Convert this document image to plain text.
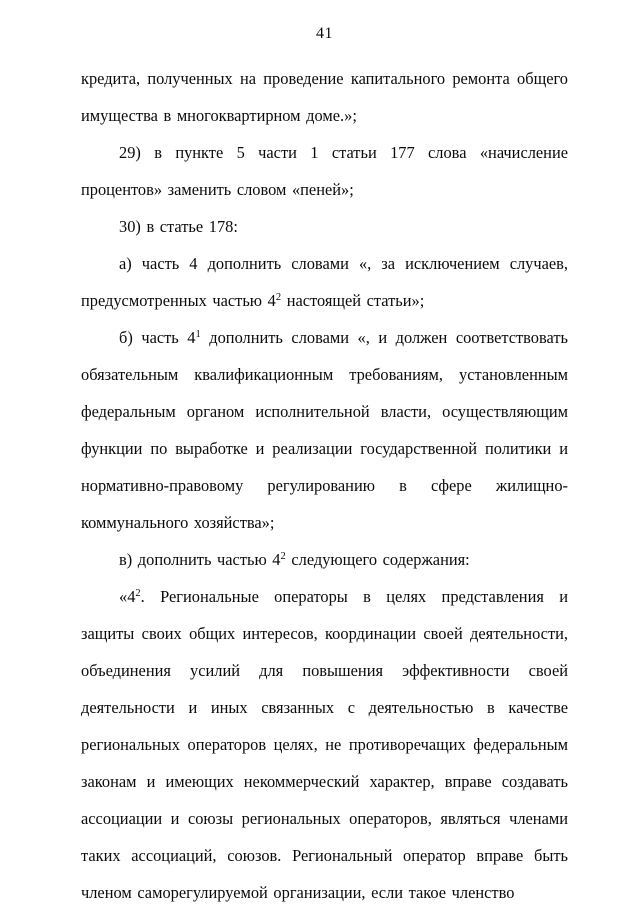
41

кредита, полученных на проведение капитального ремонта общего имущества в многоквартирном доме.»;

29) в пункте 5 части 1 статьи 177 слова «начисление процентов» заменить словом «пеней»;

30) в статье 178:

а) часть 4 дополнить словами «, за исключением случаев, предусмотренных частью $4^2$ настоящей статьи»;

б) часть $4^1$ дополнить словами «, и должен соответствовать обязательным квалификационным требованиям, установленным федеральным органом исполнительной власти, осуществляющим функции по выработке и реализации государственной политики и нормативно-правовому регулированию в сфере жилищно-коммунального хозяйства»;

в) дополнить частью $4^2$ следующего содержания:

«$4^2$. Региональные операторы в целях представления и защиты своих общих интересов, координации своей деятельности, объединения усилий для повышения эффективности своей деятельности и иных связанных с деятельностью в качестве региональных операторов целях, не противоречащих федеральным законам и имеющих некоммерческий характер, вправе создавать ассоциации и союзы региональных операторов, являться членами таких ассоциаций, союзов. Региональный оператор вправе быть членом саморегулируемой организации, если такое членство
